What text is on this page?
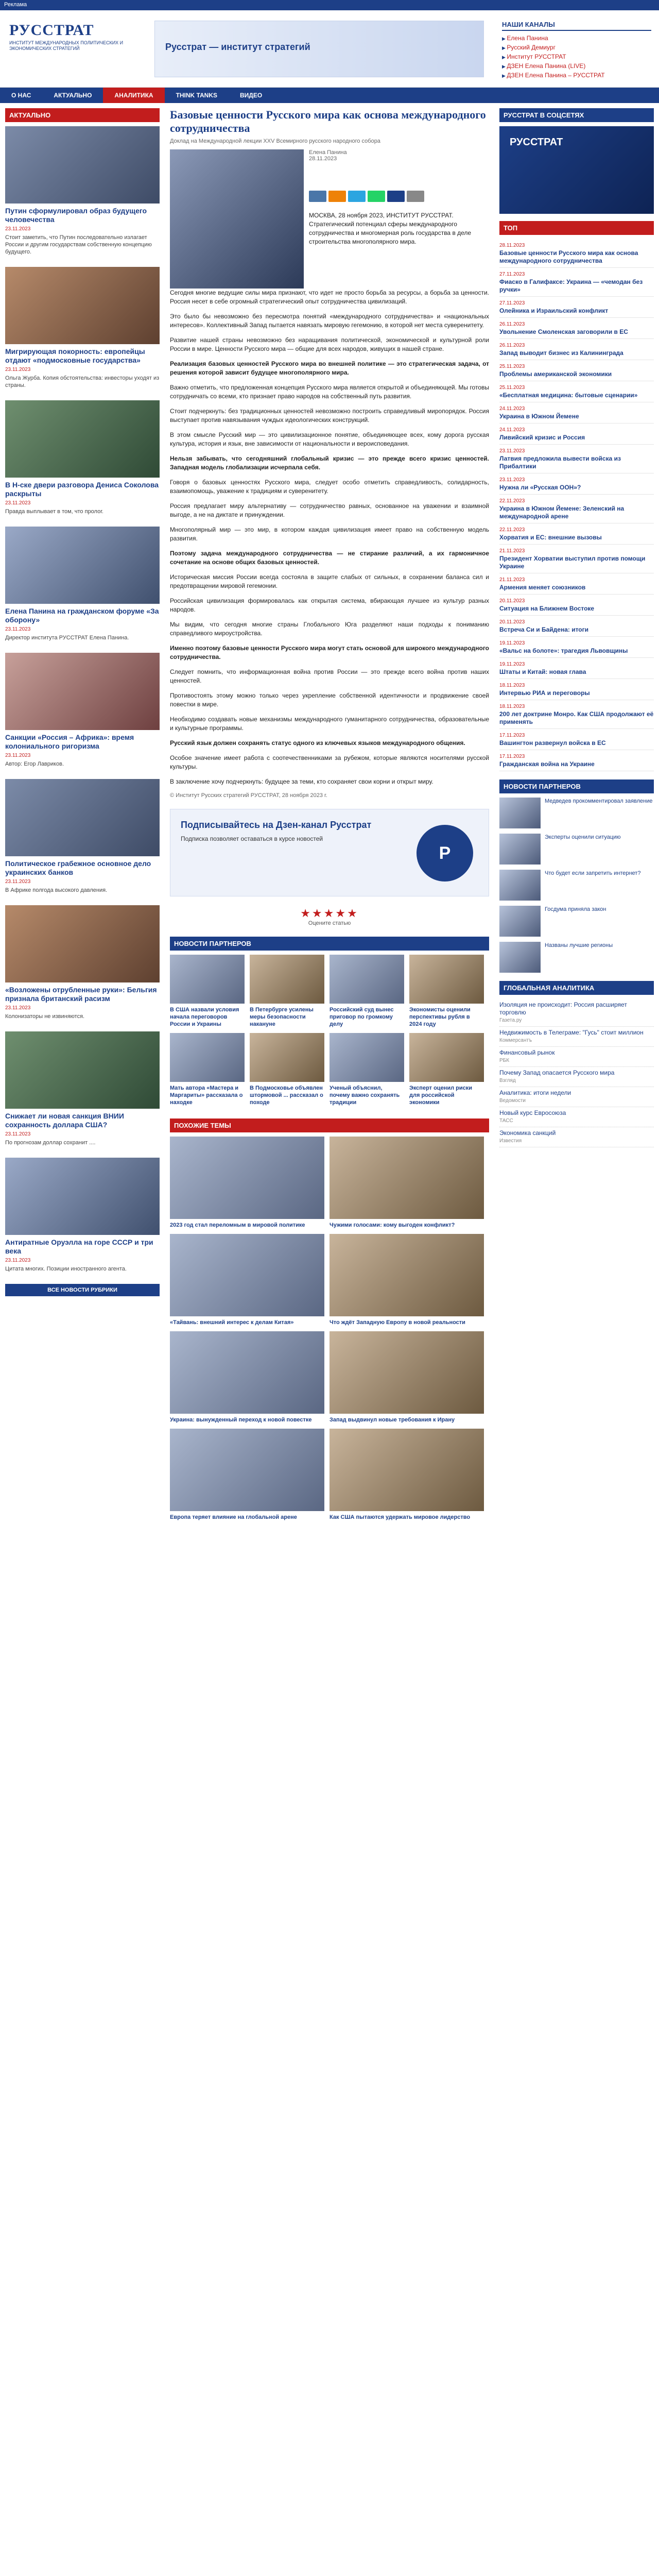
Реклама
РУССТРАТ
ИНСТИТУТ МЕЖДУНАРОДНЫХ ПОЛИТИЧЕСКИХ И ЭКОНОМИЧЕСКИХ СТРАТЕГИЙ	Русстрат — институт стратегий
НАШИ КАНАЛЫ
▶ Елена Панина
▶ Русский Демиург
▶ Институт РУССТРАТ
▶ ДЗЕН Елена Панина (LIVE)
▶ ДЗЕН Елена Панина – РУССТРАТ
О НАС	АКТУАЛЬНО	АНАЛИТИКА	THINK TANKS	ВИДЕО
АКТУАЛЬНО
Путин сформулировал образ будущего человечества
23.11.2023
Стоит заметить, что Путин последовательно излагает России и другим государствам собственную концепцию будущего.
Мигрирующая покорность: европейцы отдают «подмосковные государства»
23.11.2023
Ольга Журба. Копия обстоятельства: инвесторы уходят из страны.
В Н-ске двери разговора Дениса Соколова раскрыты
23.11.2023
Правда выплывает в том, что пролог.
Елена Панина на гражданском форуме «За оборону»
23.11.2023
Директор института РУССТРАТ Елена Панина.
Санкции «Россия – Африка»: время колониального ригоризма
23.11.2023
Автор: Егор Лавриков.
Политическое грабежное основное дело украинских банков
23.11.2023
В Африке полгода высокого давления.
«Возложены отрубленные руки»: Бельгия признала британский расизм
23.11.2023
Колонизаторы не извиняются.
Снижает ли новая санкция ВНИИ сохранность доллара США?
23.11.2023
По прогнозам доллар сохранит ....
Антиратные Оруэлла на горе СССР и три века
23.11.2023
Цитата многих. Позиции иностранного агента.
ВСЕ НОВОСТИ РУБРИКИ
Базовые ценности Русского мира как основа международного сотрудничества
Доклад на Международной лекции XXV Всемирного русского народного собора
Елена Панина
28.11.2023
МОСКВА, 28 ноября 2023, ИНСТИТУТ РУССТРАТ. Стратегический потенциал сферы международного сотрудничества и многомерная роль государства в деле строительства многополярного мира.

Сегодня многие ведущие силы мира признают, что идет не просто борьба за ресурсы, а борьба за ценности. Россия несет в себе огромный стратегический опыт сотрудничества цивилизаций.

Это было бы невозможно без пересмотра понятий «международного сотрудничества» и «национальных интересов». Коллективный Запад пытается навязать мировую гегемонию, в которой нет места суверенитету.

Развитие нашей страны невозможно без наращивания политической, экономической и культурной роли России в мире. Ценности Русского мира — общие для всех народов, живущих в нашей стране.

Реализация базовых ценностей Русского мира во внешней политике — это стратегическая задача, от решения которой зависит будущее многополярного мира.

Важно отметить, что предложенная концепция Русского мира является открытой и объединяющей. Мы готовы сотрудничать со всеми, кто признает право народов на собственный путь развития.

Стоит подчеркнуть: без традиционных ценностей невозможно построить справедливый миропорядок. Россия выступает против навязывания чуждых идеологических конструкций.

В этом смысле Русский мир — это цивилизационное понятие, объединяющее всех, кому дорога русская культура, история и язык, вне зависимости от национальности и вероисповедания.

Нельзя забывать, что сегодняшний глобальный кризис — это прежде всего кризис ценностей. Западная модель глобализации исчерпала себя.

Говоря о базовых ценностях Русского мира, следует особо отметить справедливость, солидарность, взаимопомощь, уважение к традициям и суверенитету.

Россия предлагает миру альтернативу — сотрудничество равных, основанное на уважении и взаимной выгоде, а не на диктате и принуждении.

Многополярный мир — это мир, в котором каждая цивилизация имеет право на собственную модель развития.

Поэтому задача международного сотрудничества — не стирание различий, а их гармоничное сочетание на основе общих базовых ценностей.

Историческая миссия России всегда состояла в защите слабых от сильных, в сохранении баланса сил и предотвращении мировой гегемонии.

Российская цивилизация формировалась как открытая система, вбирающая лучшее из культур разных народов.

Мы видим, что сегодня многие страны Глобального Юга разделяют наши подходы к пониманию справедливого мироустройства.

Именно поэтому базовые ценности Русского мира могут стать основой для широкого международного сотрудничества.

Следует помнить, что информационная война против России — это прежде всего война против наших ценностей.

Противостоять этому можно только через укрепление собственной идентичности и продвижение своей повестки в мире.

Необходимо создавать новые механизмы международного гуманитарного сотрудничества, образовательные и культурные программы.

Русский язык должен сохранять статус одного из ключевых языков международного общения.

Особое значение имеет работа с соотечественниками за рубежом, которые являются носителями русской культуры.

В заключение хочу подчеркнуть: будущее за теми, кто сохраняет свои корни и открыт миру.

© Институт Русских стратегий РУССТРАТ, 28 ноября 2023 г.
Подписывайтесь на Дзен-канал Русстрат
Подписка позволяет оставаться в курсе новостей
Р
★★★★★
Оцените статью
НОВОСТИ ПАРТНЕРОВ
В США назвали условия начала переговоров России и Украины
В Петербурге усилены меры безопасности накануне
Российский суд вынес приговор по громкому делу
Экономисты оценили перспективы рубля в 2024 году
Мать автора «Мастера и Маргариты» рассказала о находке
В Подмосковье объявлен штормовой ... рассказал о походе
Ученый объяснил, почему важно сохранять традиции
Эксперт оценил риски для российской экономики
ПОХОЖИЕ ТЕМЫ
2023 год стал переломным в мировой политике	Чужими голосами: кому выгоден конфликт?
«Тайвань: внешний интерес к делам Китая»	Что ждёт Западную Европу в новой реальности
Украина: вынужденный переход к новой повестке	Запад выдвинул новые требования к Ирану
Европа теряет влияние на глобальной арене	Как США пытаются удержать мировое лидерство
РУССТРАТ В СОЦСЕТЯХ
РУССТРАТ
ТОП
28.11.2023
Базовые ценности Русского мира как основа международного сотрудничества
27.11.2023
Фиаско в Галифаксе: Украина — «чемодан без ручки»
27.11.2023
Олейника и Израильский конфликт
26.11.2023
Увольнение Смоленская заговорили в ЕС
26.11.2023
Запад выводит бизнес из Калининграда
25.11.2023
Проблемы американской экономики
25.11.2023
«Бесплатная медицина: бытовые сценарии»
24.11.2023
Украина в Южном Йемене
24.11.2023
Ливийский кризис и Россия
23.11.2023
Латвия предложила вывести войска из Прибалтики
23.11.2023
Нужна ли «Русская ООН»?
22.11.2023
Украина в Южном Йемене: Зеленский на международной арене
22.11.2023
Хорватия и ЕС: внешние вызовы
21.11.2023
Президент Хорватии выступил против помощи Украине
21.11.2023
Армения меняет союзников
20.11.2023
Ситуация на Ближнем Востоке
20.11.2023
Встреча Си и Байдена: итоги
19.11.2023
«Вальс на болоте»: трагедия Львовщины
19.11.2023
Штаты и Китай: новая глава
18.11.2023
Интервью РИА и переговоры
18.11.2023
200 лет доктрине Монро. Как США продолжают её применять
17.11.2023
Вашингтон развернул войска в ЕС
17.11.2023
Гражданская война на Украине
НОВОСТИ ПАРТНЕРОВ
Медведев прокомментировал заявление
Эксперты оценили ситуацию
Что будет если запретить интернет?
Госдума приняла закон
Названы лучшие регионы
ГЛОБАЛЬНАЯ АНАЛИТИКА
Изоляция не происходит: Россия расширяет торговлю
Газета.ру
Недвижимость в Телеграме: "Гусь" стоит миллион
Коммерсантъ
Финансовый рынок
РБК
Почему Запад опасается Русского мира
Взгляд
Аналитика: итоги недели
Ведомости
Новый курс Евросоюза
ТАСС
Экономика санкций
Известия
